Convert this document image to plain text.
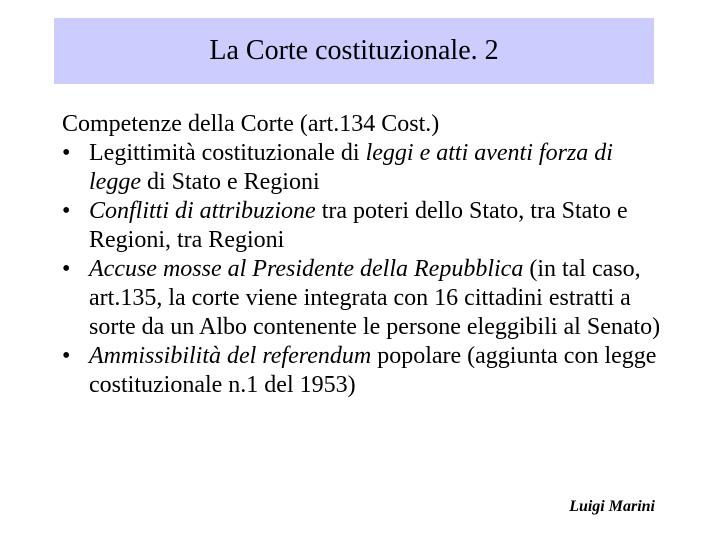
La Corte costituzionale. 2

Competenze della Corte (art.134 Cost.)

• Legittimità costituzionale di leggi e atti aventi forza di legge di Stato e Regioni
• Conflitti di attribuzione tra poteri dello Stato, tra Stato e Regioni, tra Regioni
• Accuse mosse al Presidente della Repubblica (in tal caso, art.135, la corte viene integrata con 16 cittadini estratti a sorte da un Albo contenente le persone eleggibili al Senato)
• Ammissibilità del referendum popolare (aggiunta con legge costituzionale n.1 del 1953)
Luigi Marini
